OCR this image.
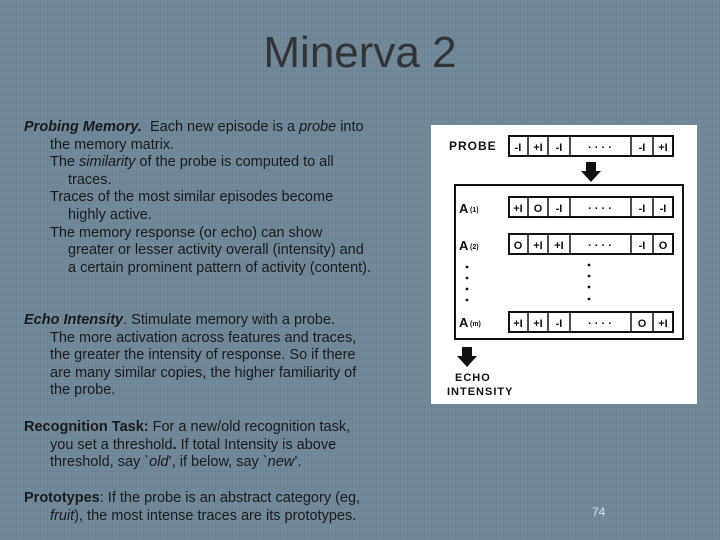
Minerva 2

Probing Memory. Each new episode is a probe into

the memory matrix.

The similarity of the probe is computed to all

traces.

Traces of the most similar episodes become

highly active.

The memory response (or echo) can show

greater or lesser activity overall (intensity) and

a certain prominent pattern of activity (content).

Echo Intensity. Stimulate memory with a probe.

The more activation across features and traces,

the greater the intensity of response. So if there

are many similar copies, the higher familiarity of

the probe.

Recognition Task: For a new/old recognition task,

you set a threshold. If total Intensity is above

threshold, say `old’, if below, say `new’.

Prototypes: If the probe is an abstract category (eg,

fruit), the most intense traces are its prototypes.

PROBE -I +I -I · · · · -I +I
A (1)	+I O -I · · · · -I -I
A (2)	O +I +I · · · · -I O
A (m)	+I +I -I · · · · O +I
ECHO
INTENSITY
74
